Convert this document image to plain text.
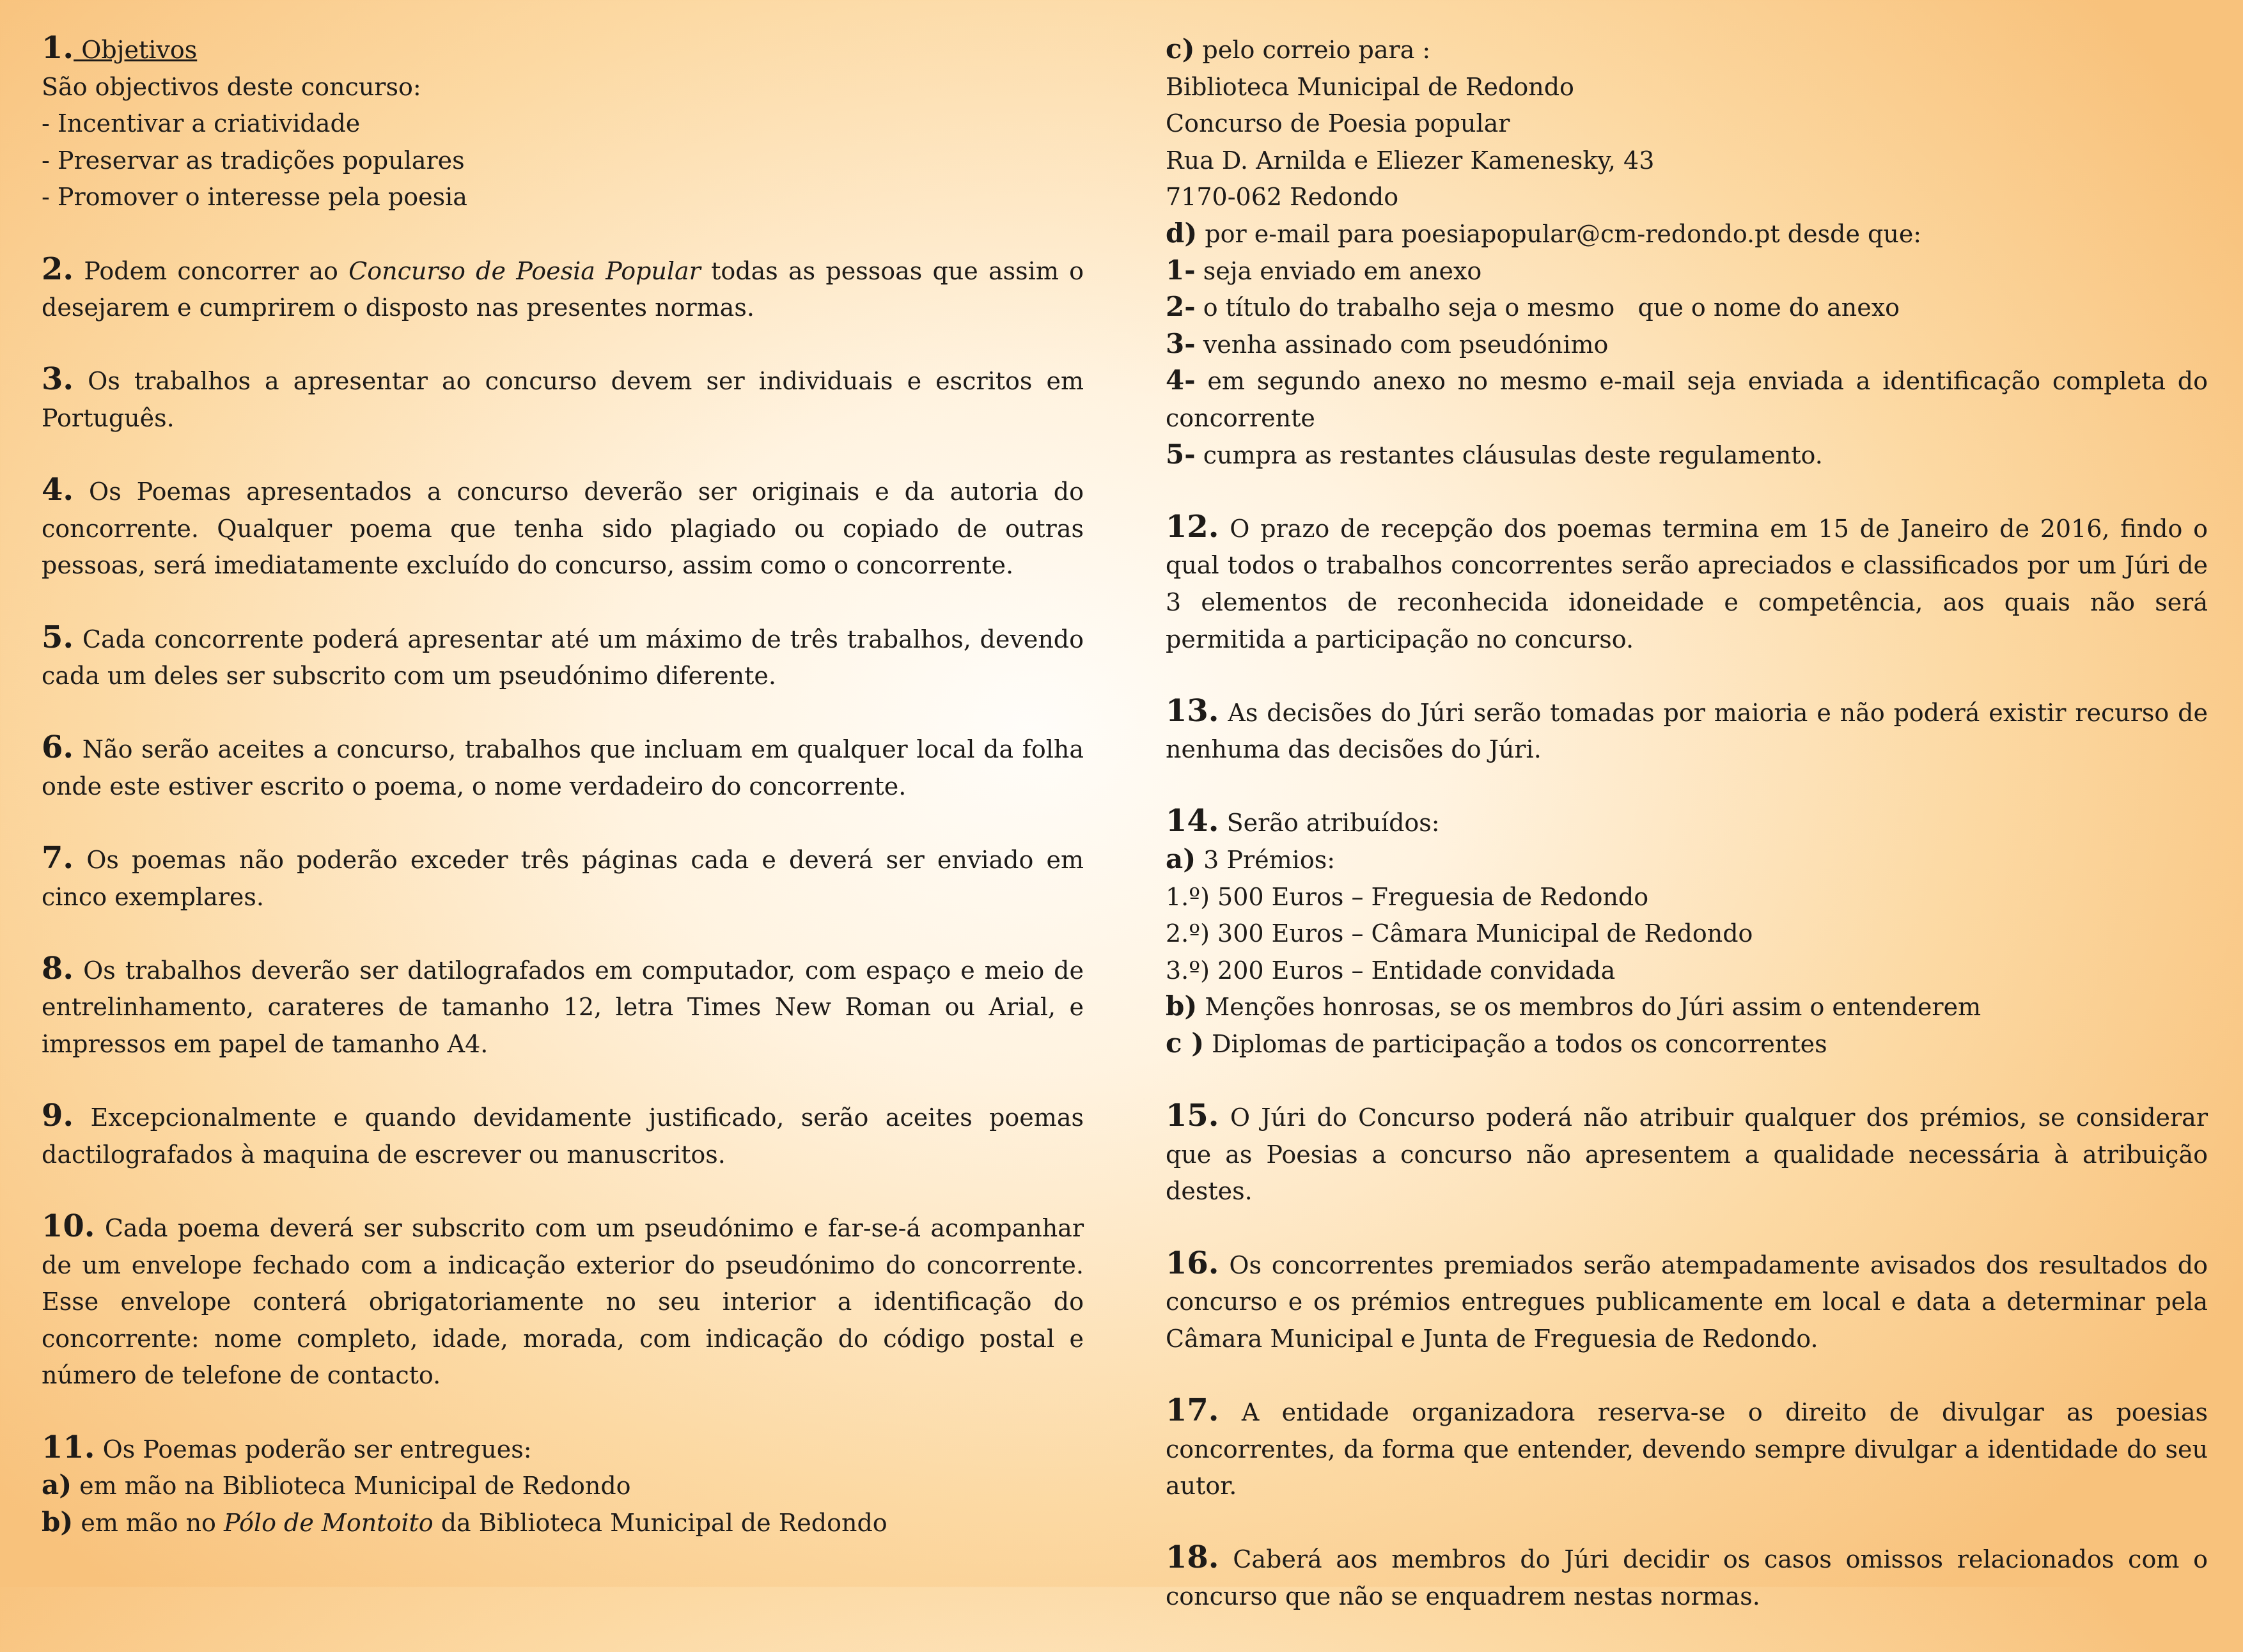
1. Objetivos
São objectivos deste concurso:
- Incentivar a criatividade
- Preservar as tradições populares
- Promover o interesse pela poesia

2. Podem concorrer ao Concurso de Poesia Popular todas as pessoas que assim o desejarem e cumprirem o disposto nas presentes normas.

3. Os trabalhos a apresentar ao concurso devem ser individuais e escritos em Português.

4. Os Poemas apresentados a concurso deverão ser originais e da autoria do concorrente. Qualquer poema que tenha sido plagiado ou copiado de outras pessoas, será imediatamente excluído do concurso, assim como o concorrente.

5. Cada concorrente poderá apresentar até um máximo de três trabalhos, devendo cada um deles ser subscrito com um pseudónimo diferente.

6. Não serão aceites a concurso, trabalhos que incluam em qualquer local da folha onde este estiver escrito o poema, o nome verdadeiro do concorrente.

7. Os poemas não poderão exceder três páginas cada e deverá ser enviado em cinco exemplares.

8. Os trabalhos deverão ser datilografados em computador, com espaço e meio de entrelinhamento, carateres de tamanho 12, letra Times New Roman ou Arial, e impressos em papel de tamanho A4.

9. Excepcionalmente e quando devidamente justificado, serão aceites poemas dactilografados à maquina de escrever ou manuscritos.

10. Cada poema deverá ser subscrito com um pseudónimo e far-se-á acompanhar de um envelope fechado com a indicação exterior do pseudónimo do concorrente. Esse envelope conterá obrigatoriamente no seu interior a identificação do concorrente: nome completo, idade, morada, com indicação do código postal e número de telefone de contacto.

11. Os Poemas poderão ser entregues:
a) em mão na Biblioteca Municipal de Redondo
b) em mão no Pólo de Montoito da Biblioteca Municipal de Redondo
c) pelo correio para :
Biblioteca Municipal de Redondo
Concurso de Poesia popular
Rua D. Arnilda e Eliezer Kamenesky, 43
7170-062 Redondo
d) por e-mail para poesiapopular@cm-redondo.pt desde que:
1- seja enviado em anexo
2- o título do trabalho seja o mesmo   que o nome do anexo
3- venha assinado com pseudónimo
4- em segundo anexo no mesmo e-mail seja enviada a identificação completa do concorrente
5- cumpra as restantes cláusulas deste regulamento.

12. O prazo de recepção dos poemas termina em 15 de Janeiro de 2016, findo o qual todos o trabalhos concorrentes serão apreciados e classificados por um Júri de 3 elementos de reconhecida idoneidade e competência, aos quais não será permitida a participação no concurso.

13. As decisões do Júri serão tomadas por maioria e não poderá existir recurso de nenhuma das decisões do Júri.

14. Serão atribuídos:
a) 3 Prémios:
1.º) 500 Euros – Freguesia de Redondo
2.º) 300 Euros – Câmara Municipal de Redondo
3.º) 200 Euros – Entidade convidada
b) Menções honrosas, se os membros do Júri assim o entenderem
c ) Diplomas de participação a todos os concorrentes

15. O Júri do Concurso poderá não atribuir qualquer dos prémios, se considerar que as Poesias a concurso não apresentem a qualidade necessária à atribuição destes.

16. Os concorrentes premiados serão atempadamente avisados dos resultados do concurso e os prémios entregues publicamente em local e data a determinar pela Câmara Municipal e Junta de Freguesia de Redondo.

17. A entidade organizadora reserva-se o direito de divulgar as poesias concorrentes, da forma que entender, devendo sempre divulgar a identidade do seu autor.

18. Caberá aos membros do Júri decidir os casos omissos relacionados com o concurso que não se enquadrem nestas normas.
